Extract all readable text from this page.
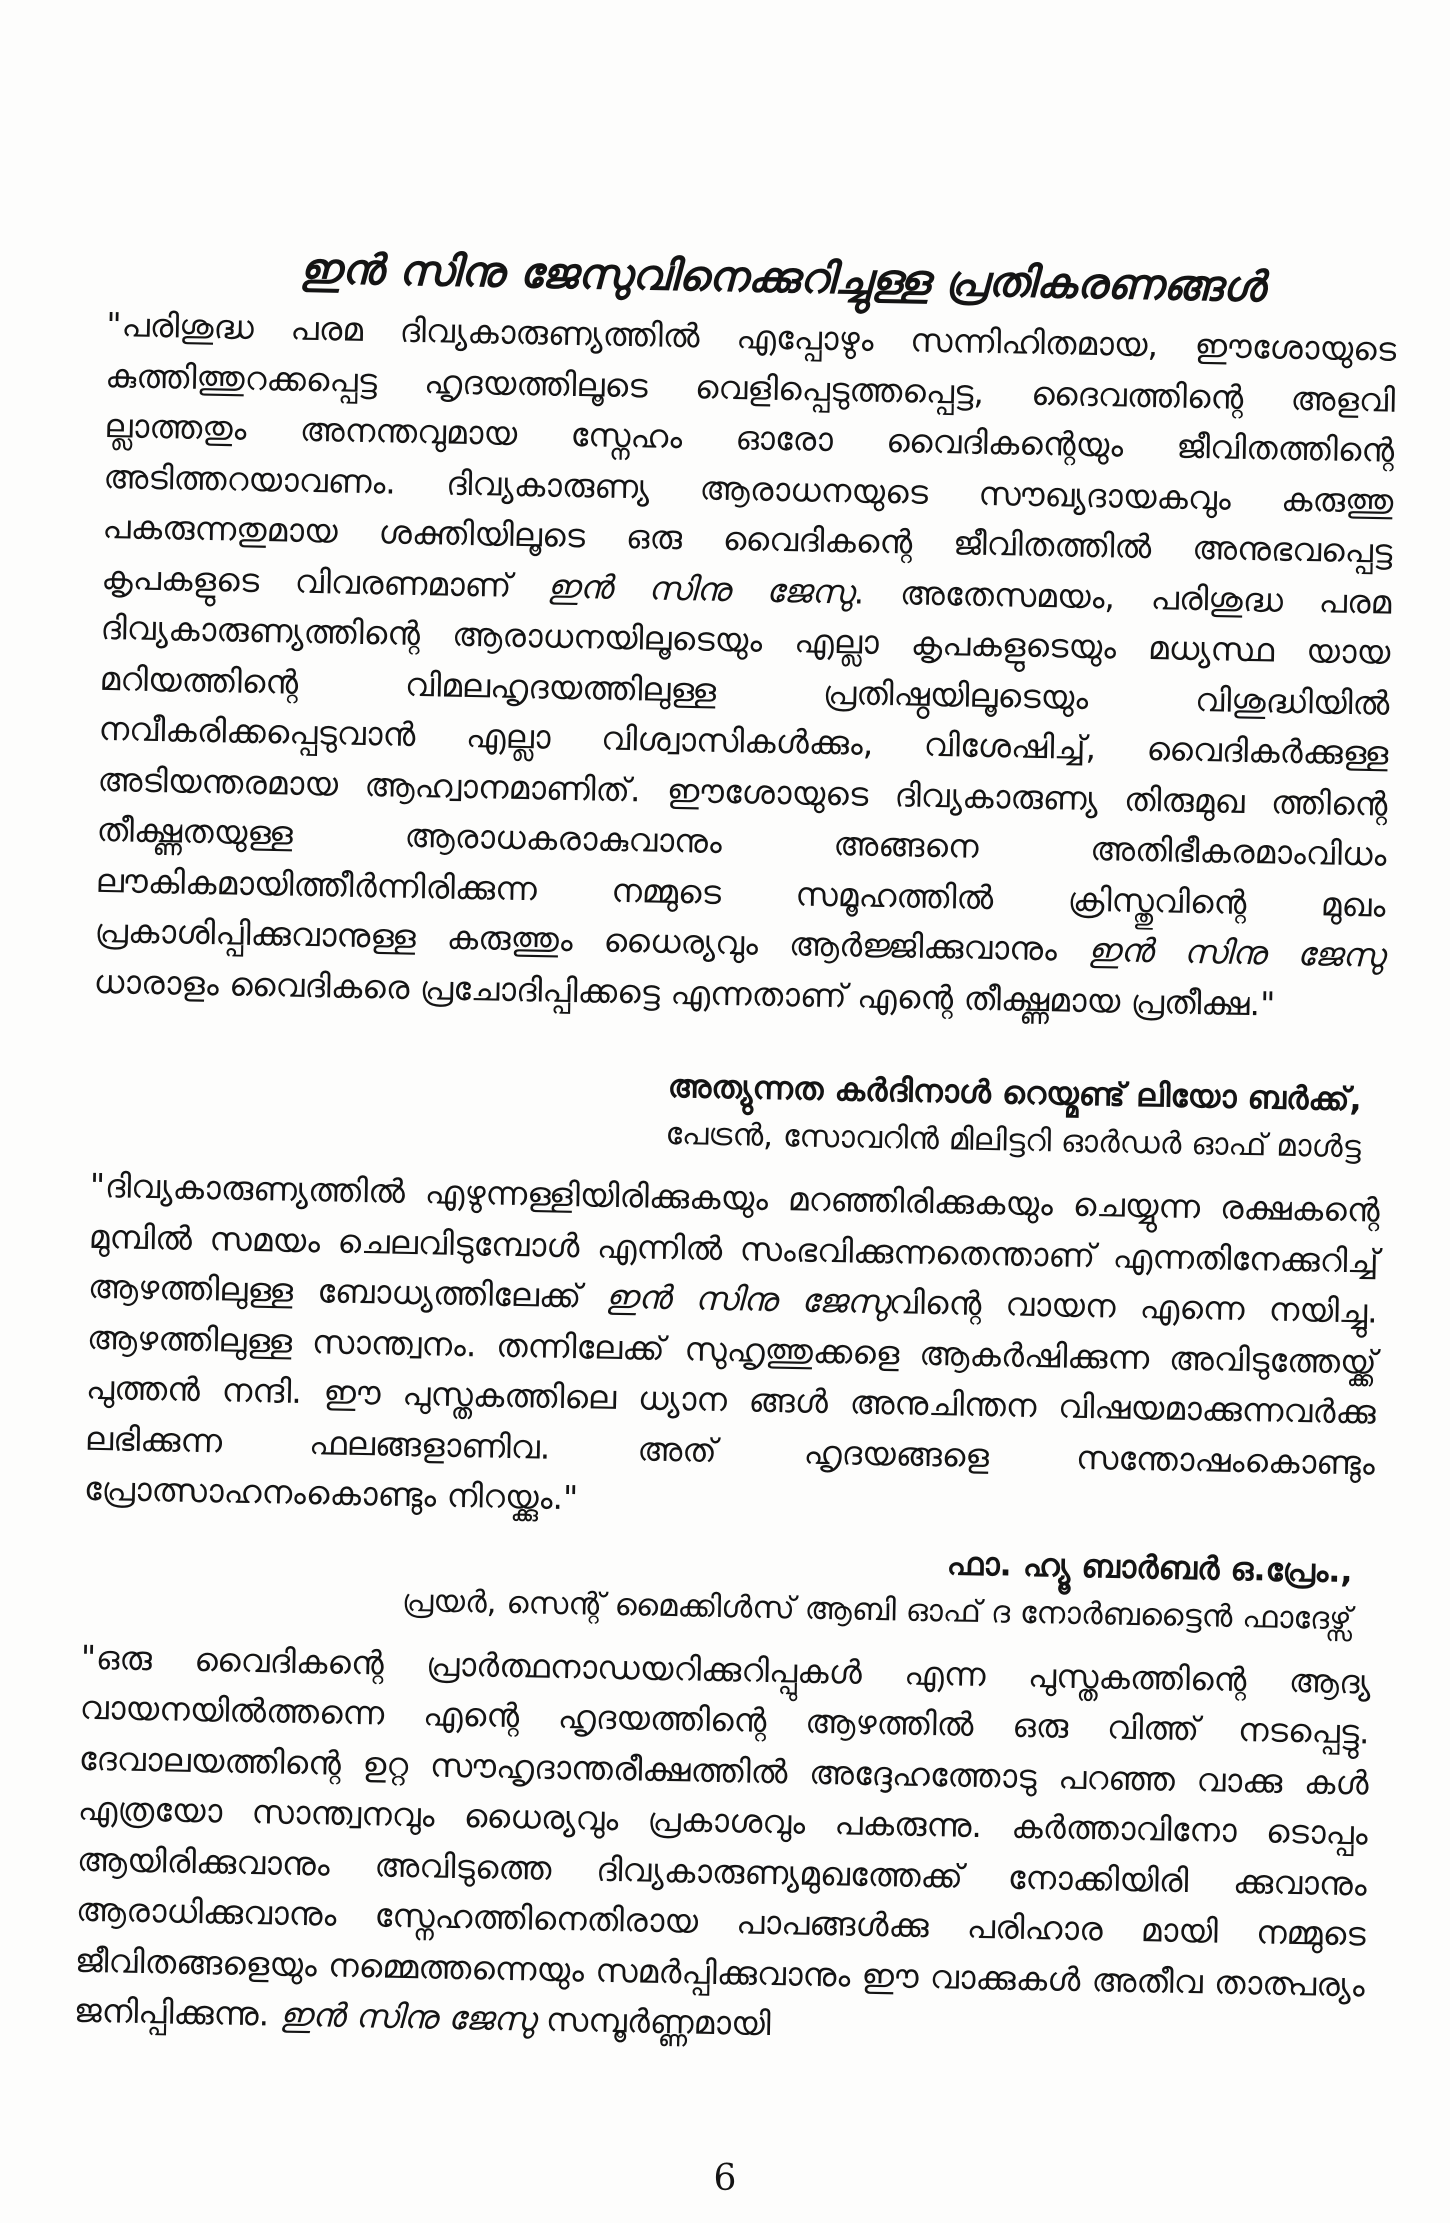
ഇൻ സിനു ജേസുവിനെക്കുറിച്ചുള്ള പ്രതികരണങ്ങൾ

"പരിശുദ്ധ പരമ ദിവ്യകാരുണ്യത്തിൽ എപ്പോഴും സന്നിഹിതമായ, ഈശോയുടെ കുത്തിത്തുറക്കപ്പെട്ട ഹൃദയത്തിലൂടെ വെളിപ്പെടുത്തപ്പെട്ട, ദൈവത്തിന്റെ അളവി ല്ലാത്തതും അനന്തവുമായ സ്നേഹം ഓരോ വൈദികന്റെയും ജീവിതത്തിന്റെ അടിത്തറയാവണം. ദിവ്യകാരുണ്യ ആരാധനയുടെ സൗഖ്യദായകവും കരുത്തു പകരുന്നതുമായ ശക്തിയിലൂടെ ഒരു വൈദികന്റെ ജീവിതത്തിൽ അനുഭവപ്പെട്ട കൃപകളുടെ വിവരണമാണ് ഇൻ സിനു ജേസു. അതേസമയം, പരിശുദ്ധ പരമ ദിവ്യകാരുണ്യത്തിന്റെ ആരാധനയിലൂടെയും എല്ലാ കൃപകളുടെയും മധ്യസ്ഥ യായ മറിയത്തിന്റെ വിമലഹൃദയത്തിലുള്ള പ്രതിഷ്ഠയിലൂടെയും വിശുദ്ധിയിൽ നവീകരിക്കപ്പെടുവാൻ എല്ലാ വിശ്വാസികൾക്കും, വിശേഷിച്ച്, വൈദികർക്കുള്ള അടിയന്തരമായ ആഹ്വാനമാണിത്. ഈശോയുടെ ദിവ്യകാരുണ്യ തിരുമുഖ ത്തിന്റെ തീക്ഷ്ണതയുള്ള ആരാധകരാകുവാനും അങ്ങനെ അതിഭീകരമാംവിധം ലൗകികമായിത്തീർന്നിരിക്കുന്ന നമ്മുടെ സമൂഹത്തിൽ ക്രിസ്തുവിന്റെ മുഖം പ്രകാശിപ്പിക്കുവാനുള്ള കരുത്തും ധൈര്യവും ആർജ്ജിക്കുവാനും ഇൻ സിനു ജേസു ധാരാളം വൈദികരെ പ്രചോദിപ്പിക്കട്ടെ എന്നതാണ് എന്റെ തീക്ഷ്ണമായ പ്രതീക്ഷ."

അത്യുന്നത കർദിനാൾ റെയ്മണ്ട് ലിയോ ബർക്ക്,
പേട്രൻ, സോവറിൻ മിലിട്ടറി ഓർഡർ ഓഫ് മാൾട്ട

"ദിവ്യകാരുണ്യത്തിൽ എഴുന്നള്ളിയിരിക്കുകയും മറഞ്ഞിരിക്കുകയും ചെയ്യുന്ന രക്ഷകന്റെ മുമ്പിൽ സമയം ചെലവിടുമ്പോൾ എന്നിൽ സംഭവിക്കുന്നതെന്താണ് എന്നതിനേക്കുറിച്ച് ആഴത്തിലുള്ള ബോധ്യത്തിലേക്ക് ഇൻ സിനു ജേസുവിന്റെ വായന എന്നെ നയിച്ചു. ആഴത്തിലുള്ള സാന്ത്വനം. തന്നിലേക്ക് സുഹൃത്തുക്കളെ ആകർഷിക്കുന്ന അവിടുത്തേയ്ക്ക് പുത്തൻ നന്ദി. ഈ പുസ്തകത്തിലെ ധ്യാന ങ്ങൾ അനുചിന്തന വിഷയമാക്കുന്നവർക്കു ലഭിക്കുന്ന ഫലങ്ങളാണിവ. അത് ഹൃദയങ്ങളെ സന്തോഷംകൊണ്ടും പ്രോത്സാഹനംകൊണ്ടും നിറയ്ക്കും."

ഫാ. ഹ്യൂ ബാർബർ ഒ.പ്രേം.,
പ്രയർ, സെന്റ് മൈക്കിൾസ് ആബി ഓഫ് ദ നോർബട്ടൈൻ ഫാദേഴ്സ്

"ഒരു വൈദികന്റെ പ്രാർത്ഥനാഡയറിക്കുറിപ്പുകൾ എന്ന പുസ്തകത്തിന്റെ ആദ്യ വായനയിൽത്തന്നെ എന്റെ ഹൃദയത്തിന്റെ ആഴത്തിൽ ഒരു വിത്ത് നടപ്പെട്ടു. ദേവാലയത്തിന്റെ ഉറ്റ സൗഹൃദാന്തരീക്ഷത്തിൽ അദ്ദേഹത്തോടു പറഞ്ഞ വാക്കു കൾ എത്രയോ സാന്ത്വനവും ധൈര്യവും പ്രകാശവും പകരുന്നു. കർത്താവിനോ ടൊപ്പം ആയിരിക്കുവാനും അവിടുത്തെ ദിവ്യകാരുണ്യമുഖത്തേക്ക് നോക്കിയിരി ക്കുവാനും ആരാധിക്കുവാനും സ്നേഹത്തിനെതിരായ പാപങ്ങൾക്കു പരിഹാര മായി നമ്മുടെ ജീവിതങ്ങളെയും നമ്മെത്തന്നെയും സമർപ്പിക്കുവാനും ഈ വാക്കുകൾ അതീവ താത്പര്യം ജനിപ്പിക്കുന്നു. ഇൻ സിനു ജേസു സമ്പൂർണ്ണമായി

6
